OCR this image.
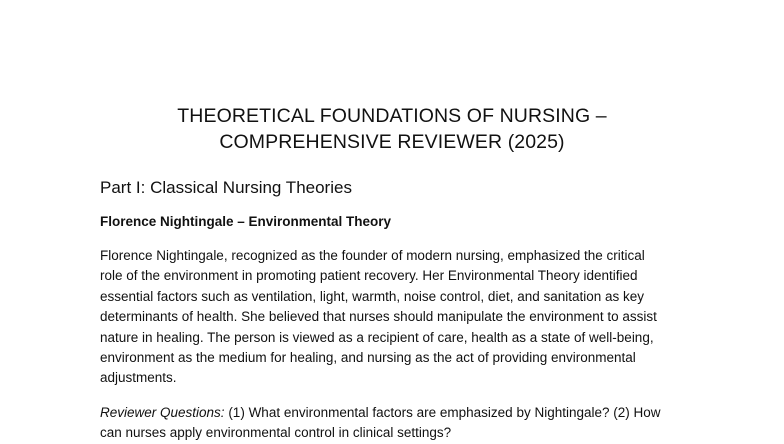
THEORETICAL FOUNDATIONS OF NURSING –
COMPREHENSIVE REVIEWER (2025)
Part I: Classical Nursing Theories
Florence Nightingale – Environmental Theory

Florence Nightingale, recognized as the founder of modern nursing, emphasized the critical
role of the environment in promoting patient recovery. Her Environmental Theory identified
essential factors such as ventilation, light, warmth, noise control, diet, and sanitation as key
determinants of health. She believed that nurses should manipulate the environment to assist
nature in healing. The person is viewed as a recipient of care, health as a state of well-being,
environment as the medium for healing, and nursing as the act of providing environmental
adjustments.

Reviewer Questions: (1) What environmental factors are emphasized by Nightingale? (2) How
can nurses apply environmental control in clinical settings?
